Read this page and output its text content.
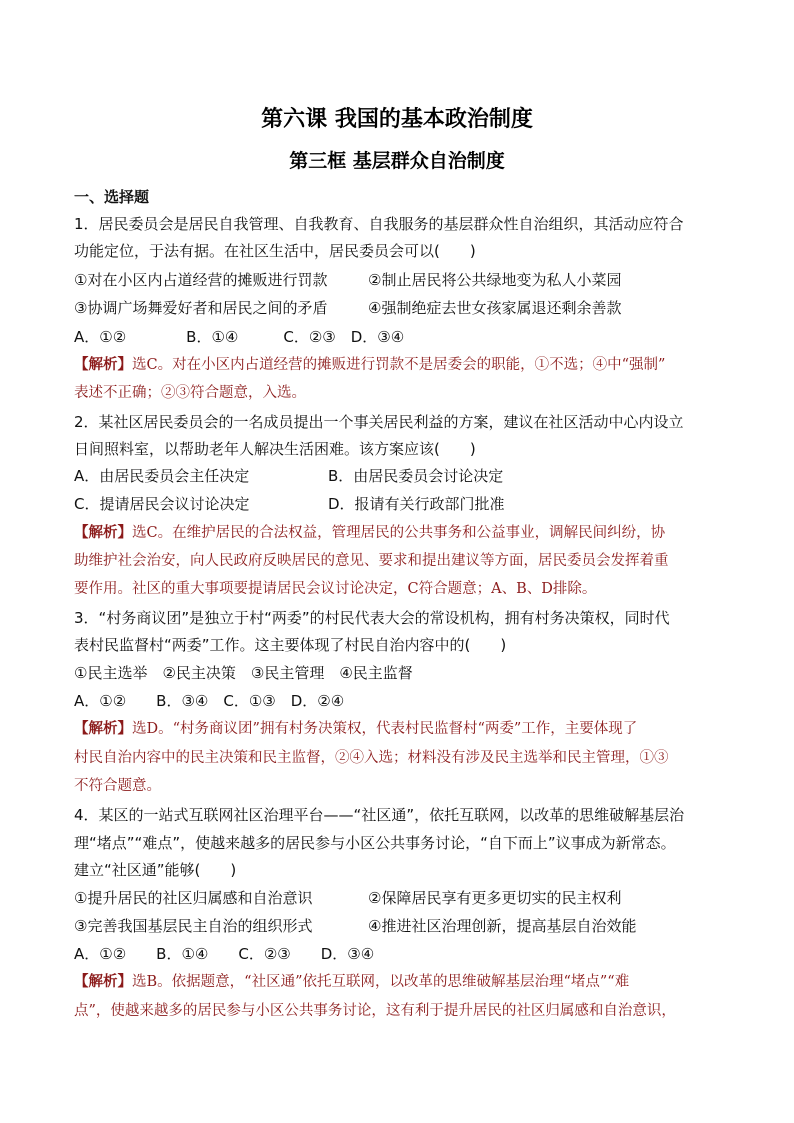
第六课 我国的基本政治制度
第三框 基层群众自治制度
一、选择题
1．居民委员会是居民自我管理、自我教育、自我服务的基层群众性自治组织，其活动应符合
功能定位，于法有据。在社区生活中，居民委员会可以(　　)
①对在小区内占道经营的摊贩进行罚款	②制止居民将公共绿地变为私人小菜园
③协调广场舞爱好者和居民之间的矛盾	④强制绝症去世女孩家属退还剩余善款
A．①②　　　　B．①④　　　C．②③　D．③④
【解析】选C。对在小区内占道经营的摊贩进行罚款不是居委会的职能，①不选；④中“强制”
表述不正确；②③符合题意，入选。
2．某社区居民委员会的一名成员提出一个事关居民利益的方案，建议在社区活动中心内设立
日间照料室，以帮助老年人解决生活困难。该方案应该(　　)
A．由居民委员会主任决定	B．由居民委员会讨论决定
C．提请居民会议讨论决定	D．报请有关行政部门批准
【解析】选C。在维护居民的合法权益，管理居民的公共事务和公益事业，调解民间纠纷，协
助维护社会治安，向人民政府反映居民的意见、要求和提出建议等方面，居民委员会发挥着重
要作用。社区的重大事项要提请居民会议讨论决定，C符合题意；A、B、D排除。
3．“村务商议团”是独立于村“两委”的村民代表大会的常设机构，拥有村务决策权，同时代
表村民监督村“两委”工作。这主要体现了村民自治内容中的(　　)
①民主选举　②民主决策　③民主管理　④民主监督
A．①②　　B．③④　C．①③　D．②④
【解析】选D。“村务商议团”拥有村务决策权，代表村民监督村“两委”工作，主要体现了
村民自治内容中的民主决策和民主监督，②④入选；材料没有涉及民主选举和民主管理，①③
不符合题意。
4．某区的一站式互联网社区治理平台——“社区通”，依托互联网，以改革的思维破解基层治
理“堵点”“难点”，使越来越多的居民参与小区公共事务讨论，“自下而上”议事成为新常态。
建立“社区通”能够(　　)
①提升居民的社区归属感和自治意识	②保障居民享有更多更切实的民主权利
③完善我国基层民主自治的组织形式	④推进社区治理创新，提高基层自治效能
A．①②　　B．①④　　C．②③　　D．③④
【解析】选B。依据题意，“社区通”依托互联网，以改革的思维破解基层治理“堵点”“难
点”，使越来越多的居民参与小区公共事务讨论，这有利于提升居民的社区归属感和自治意识，
